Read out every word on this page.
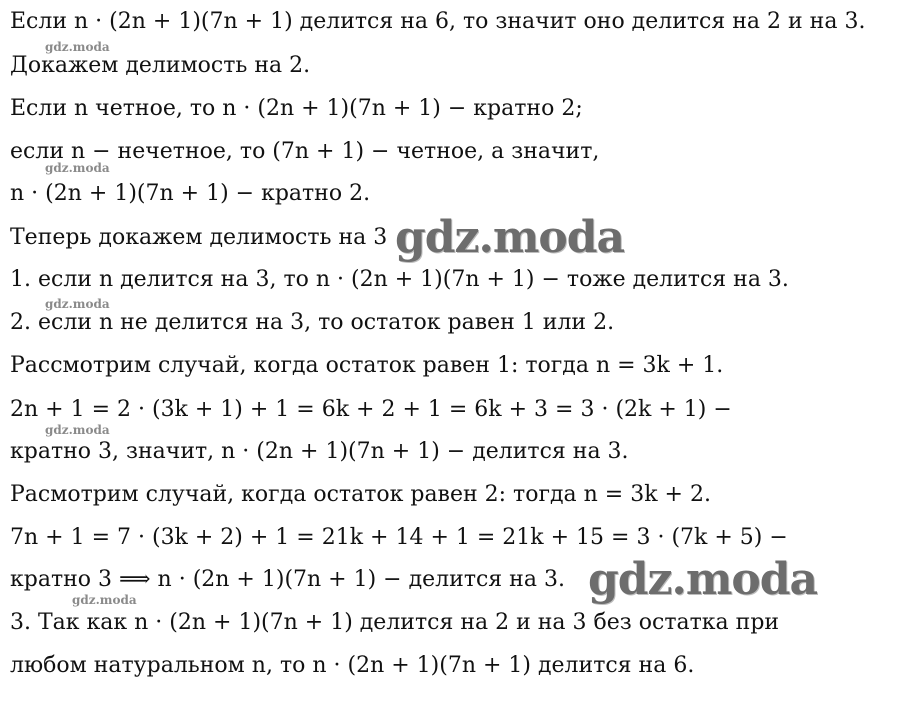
Если n · (2n + 1)(7n + 1) делится на 6, то значит оно делится на 2 и на 3.
Докажем делимость на 2.
Если n четное, то n · (2n + 1)(7n + 1) − кратно 2;
если n − нечетное, то (7n + 1) − четное, а значит,
n · (2n + 1)(7n + 1) − кратно 2.
Теперь докажем делимость на 3
1. если n делится на 3, то n · (2n + 1)(7n + 1) − тоже делится на 3.
2. если n не делится на 3, то остаток равен 1 или 2.
Рассмотрим случай, когда остаток равен 1: тогда n = 3k + 1.
2n + 1 = 2 · (3k + 1) + 1 = 6k + 2 + 1 = 6k + 3 = 3 · (2k + 1) −
кратно 3, значит, n · (2n + 1)(7n + 1) − делится на 3.
Расмотрим случай, когда остаток равен 2: тогда n = 3k + 2.
7n + 1 = 7 · (3k + 2) + 1 = 21k + 14 + 1 = 21k + 15 = 3 · (7k + 5) −
кратно 3 ⟹ n · (2n + 1)(7n + 1) − делится на 3.
3. Так как n · (2n + 1)(7n + 1) делится на 2 и на 3 без остатка при
любом натуральном n, то n · (2n + 1)(7n + 1) делится на 6.
gdz.moda
gdz.moda
gdz.moda
gdz.moda
gdz.moda
gdz.moda
gdz.moda
